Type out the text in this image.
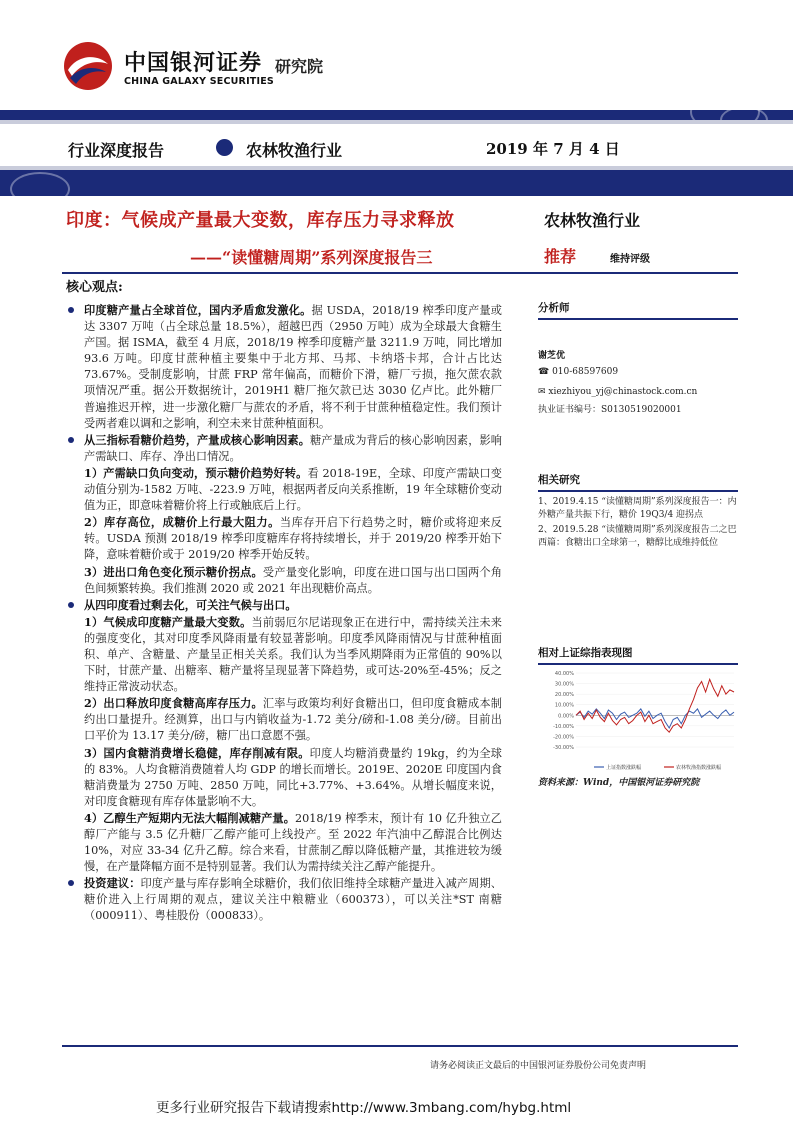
中国银河证券
CHINA GALAXY SECURITIES
研究院
行业深度报告	农林牧渔行业	2019 年 7 月 4 日
印度：气候成产量最大变数，库存压力寻求释放
——“读懂糖周期”系列深度报告三
农林牧渔行业
推荐	维持评级
核心观点:
印度糖产量占全球首位，国内矛盾愈发激化。据 USDA，2018/19 榨季印度产量或达 3307 万吨（占全球总量 18.5%），超越巴西（2950 万吨）成为全球最大食糖生产国。据 ISMA，截至 4 月底，2018/19 榨季印度糖产量 3211.9 万吨，同比增加 93.6 万吨。印度甘蔗种植主要集中于北方邦、马邦、卡纳塔卡邦，合计占比达 73.67%。受制度影响，甘蔗 FRP 常年偏高，而糖价下滑，糖厂亏损，拖欠蔗农款项情况严重。据公开数据统计，2019H1 糖厂拖欠款已达 3030 亿卢比。此外糖厂普遍推迟开榨，进一步激化糖厂与蔗农的矛盾，将不利于甘蔗种植稳定性。我们预计受两者难以调和之影响，利空未来甘蔗种植面积。
从三指标看糖价趋势，产量成核心影响因素。糖产量成为背后的核心影响因素，影响产需缺口、库存、净出口情况。
1）产需缺口负向变动，预示糖价趋势好转。看 2018-19E，全球、印度产需缺口变动值分别为-1582 万吨、-223.9 万吨，根据两者反向关系推断，19 年全球糖价变动值为正，即意味着糖价将上行或触底后上行。
2）库存高位，成糖价上行最大阻力。当库存开启下行趋势之时，糖价或将迎来反转。USDA 预测 2018/19 榨季印度糖库存将持续增长，并于 2019/20 榨季开始下降，意味着糖价或于 2019/20 榨季开始反转。
3）进出口角色变化预示糖价拐点。受产量变化影响，印度在进口国与出口国两个角色间频繁转换。我们推测 2020 或 2021 年出现糖价高点。
从四印度看过剩去化，可关注气候与出口。
1）气候成印度糖产量最大变数。当前弱厄尔尼诺现象正在进行中，需持续关注未来的强度变化，其对印度季风降雨量有较显著影响。印度季风降雨情况与甘蔗种植面积、单产、含糖量、产量呈正相关关系。我们认为当季风期降雨为正常值的 90%以下时，甘蔗产量、出糖率、糖产量将呈现显著下降趋势，或可达-20%至-45%；反之维持正常波动状态。
2）出口释放印度食糖高库存压力。汇率与政策均利好食糖出口，但印度食糖成本制约出口量提升。经测算，出口与内销收益为-1.72 美分/磅和-1.08 美分/磅。目前出口平价为 13.17 美分/磅，糖厂出口意愿不强。
3）国内食糖消费增长稳健，库存削减有限。印度人均糖消费量约 19kg，约为全球的 83%。人均食糖消费随着人均 GDP 的增长而增长。2019E、2020E 印度国内食糖消费量为 2750 万吨、2850 万吨，同比+3.77%、+3.64%。从增长幅度来说，对印度食糖现有库存体量影响不大。
4）乙醇生产短期内无法大幅削减糖产量。2018/19 榨季末，预计有 10 亿升独立乙醇厂产能与 3.5 亿升糖厂乙醇产能可上线投产。至 2022 年汽油中乙醇混合比例达 10%，对应 33-34 亿升乙醇。综合来看，甘蔗制乙醇以降低糖产量，其推进较为缓慢，在产量降幅方面不是特别显著。我们认为需持续关注乙醇产能提升。
投资建议：印度产量与库存影响全球糖价，我们依旧维持全球糖产量进入减产周期、糖价进入上行周期的观点，建议关注中粮糖业（600373），可以关注*ST 南糖（000911）、粤桂股份（000833）。
分析师
谢芝优
☎ 010-68597609
✉ xiezhiyou_yj@chinastock.com.cn
执业证书编号：S0130519020001
相关研究
1、2019.4.15 “读懂糖周期”系列深度报告一：内外糖产量共振下行，糖价 19Q3/4 迎拐点
2、2019.5.28 “读懂糖周期”系列深度报告二之巴西篇：食糖出口全球第一，糖醇比成维持低位
相对上证综指表现图
40.00%
30.00%
20.00%
10.00%
0.00%
-10.00%
-20.00%
-30.00%
上证指数涨跌幅	农林牧渔指数涨跌幅
资料来源：Wind，中国银河证券研究院
请务必阅读正文最后的中国银河证券股份公司免责声明
更多行业研究报告下载请搜索http://www.3mbang.com/hybg.html
